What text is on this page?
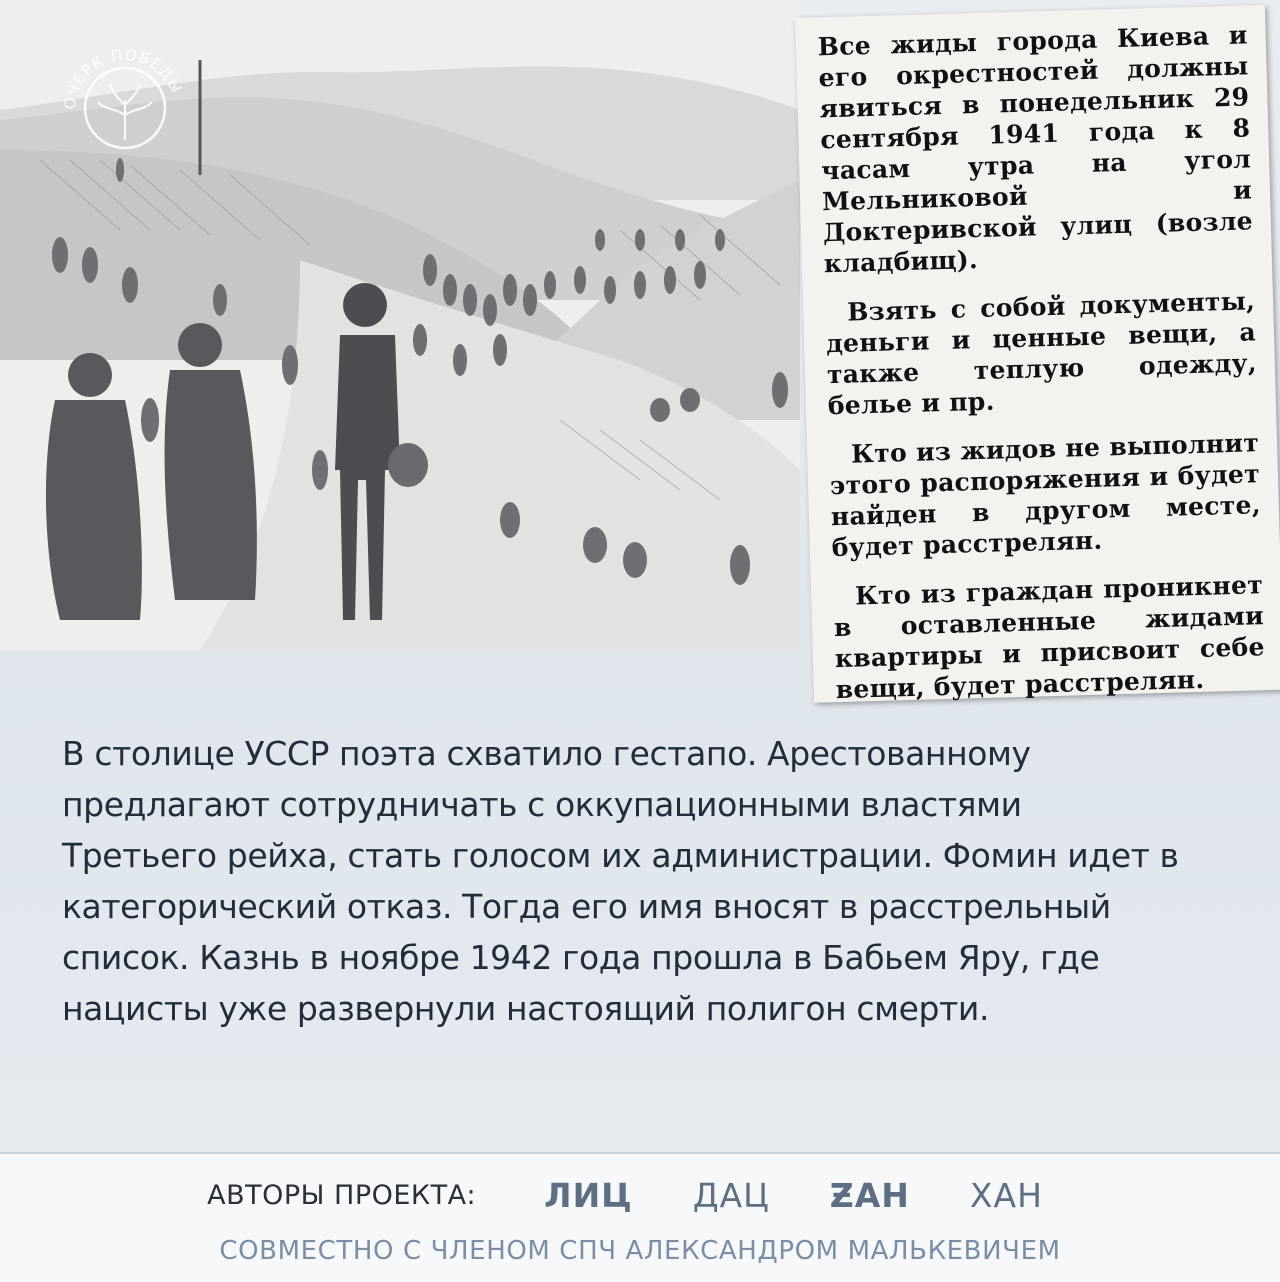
ОЧЕРК ПОБЕДЫ

Все жиды города Киева и его окрестностей должны явиться в понедельник 29 сентября 1941 года к 8 часам утра на угол Мельниковой и Доктеривской улиц (возле кладбищ).

Взять с собой документы, деньги и ценные вещи, а также теплую одежду, белье и пр.

Кто из жидов не выполнит этого распоряжения и будет найден в другом месте, будет расстрелян.

Кто из граждан проникнет в оставленные жидами квартиры и присвоит себе вещи, будет расстрелян.

В столице УССР поэта схватило гестапо. Арестованному предлагают сотрудничать с оккупационными властями Третьего рейха, стать голосом их администрации. Фомин идет в категорический отказ. Тогда его имя вносят в расстрельный список. Казнь в ноябре 1942 года прошла в Бабьем Яру, где нацисты уже развернули настоящий полигон смерти.
АВТОРЫ ПРОЕКТА: ЛИЦ ДАЦ ƵАН ХАН
СОВМЕСТНО С ЧЛЕНОМ СПЧ АЛЕКСАНДРОМ МАЛЬКЕВИЧЕМ
